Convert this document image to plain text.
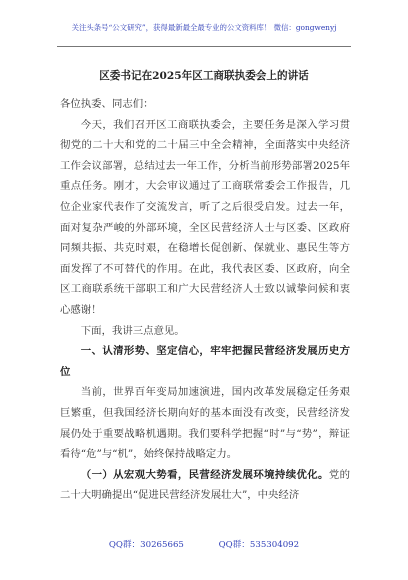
关注头条号“公文研究”，获得最新最全最专业的公文资料库！ 微信：gongwenyj
区委书记在2025年区工商联执委会上的讲话

各位执委、同志们：

今天，我们召开区工商联执委会，主要任务是深入学习贯彻党的二十大和党的二十届三中全会精神，全面落实中央经济工作会议部署，总结过去一年工作，分析当前形势部署2025年重点任务。刚才，大会审议通过了工商联常委会工作报告，几位企业家代表作了交流发言，听了之后很受启发。过去一年，面对复杂严峻的外部环境，全区民营经济人士与区委、区政府同频共振、共克时艰，在稳增长促创新、保就业、惠民生等方面发挥了不可替代的作用。在此，我代表区委、区政府，向全区工商联系统干部职工和广大民营经济人士致以诚挚问候和衷心感谢！

下面，我讲三点意见。

一、认清形势、坚定信心，牢牢把握民营经济发展历史方位

当前，世界百年变局加速演进，国内改革发展稳定任务艰巨繁重，但我国经济长期向好的基本面没有改变，民营经济发展仍处于重要战略机遇期。我们要科学把握“时”与“势”，辩证看待“危”与“机”，始终保持战略定力。

（一）从宏观大势看，民营经济发展环境持续优化。党的二十大明确提出“促进民营经济发展壮大”，中央经济

QQ群：30265665	QQ群：535304092
